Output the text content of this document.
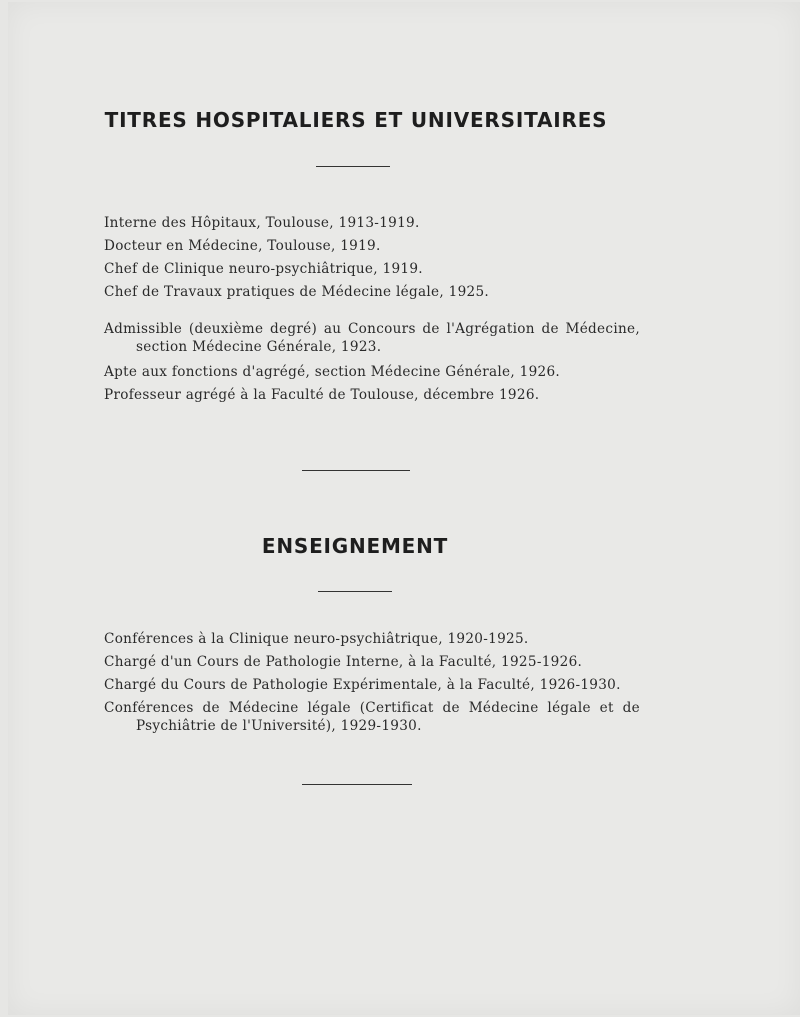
TITRES HOSPITALIERS ET UNIVERSITAIRES
Interne des Hôpitaux, Toulouse, 1913-1919.
Docteur en Médecine, Toulouse, 1919.
Chef de Clinique neuro-psychiâtrique, 1919.
Chef de Travaux pratiques de Médecine légale, 1925.
Admissible (deuxième degré) au Concours de l'Agrégation de Médecine, section Médecine Générale, 1923.
Apte aux fonctions d'agrégé, section Médecine Générale, 1926.
Professeur agrégé à la Faculté de Toulouse, décembre 1926.
ENSEIGNEMENT
Conférences à la Clinique neuro-psychiâtrique, 1920-1925.
Chargé d'un Cours de Pathologie Interne, à la Faculté, 1925-1926.
Chargé du Cours de Pathologie Expérimentale, à la Faculté, 1926-1930.
Conférences de Médecine légale (Certificat de Médecine légale et de Psychiâtrie de l'Université), 1929-1930.
